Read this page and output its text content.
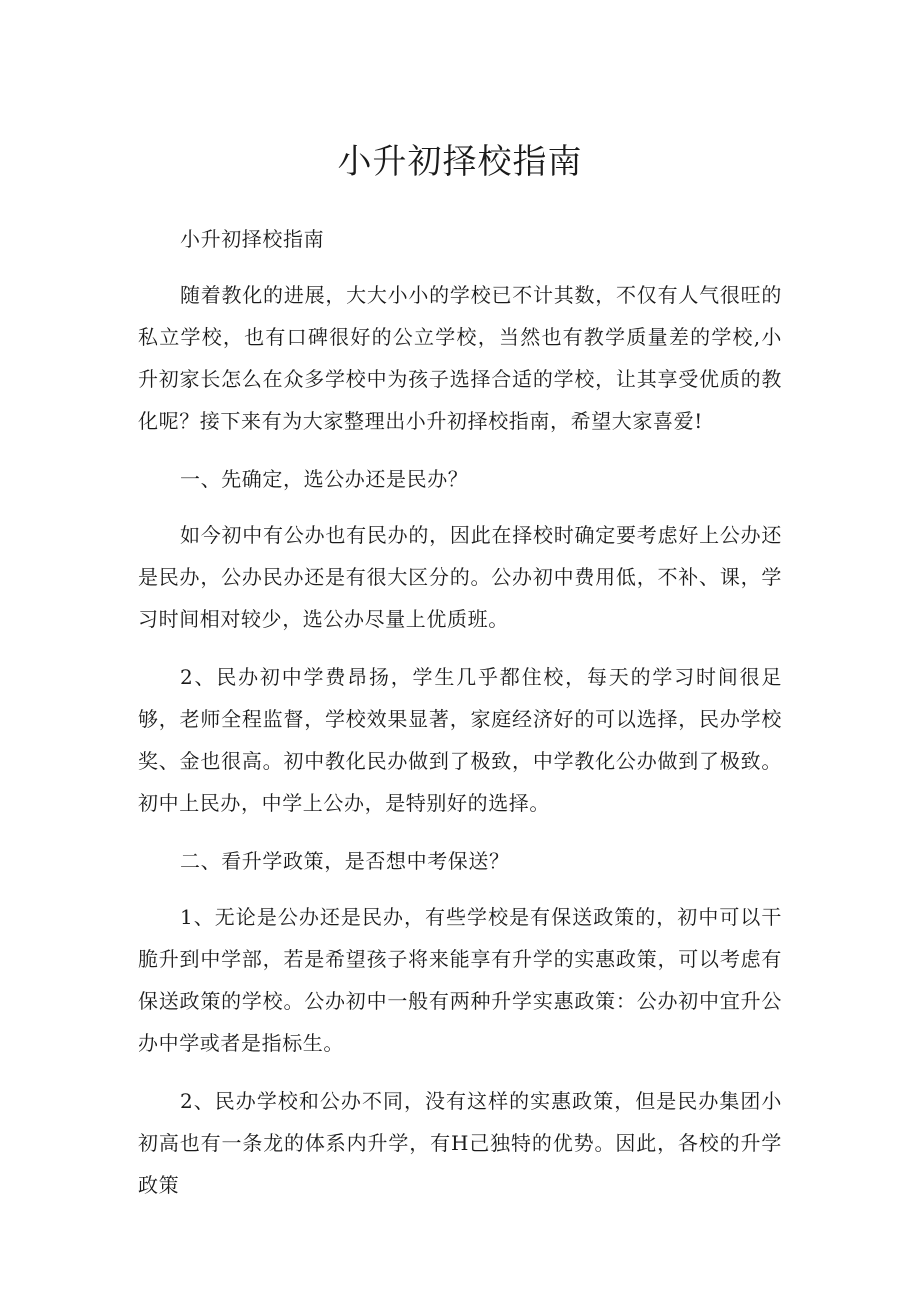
小升初择校指南

小升初择校指南

随着教化的进展，大大小小的学校已不计其数，不仅有人气很旺的私立学校，也有口碑很好的公立学校，当然也有教学质量差的学校,小升初家长怎么在众多学校中为孩子选择合适的学校，让其享受优质的教化呢？接下来有为大家整理出小升初择校指南，希望大家喜爱!

一、先确定，选公办还是民办？

如今初中有公办也有民办的，因此在择校时确定要考虑好上公办还是民办，公办民办还是有很大区分的。公办初中费用低，不补、课，学习时间相对较少，选公办尽量上优质班。

2、民办初中学费昂扬，学生几乎都住校，每天的学习时间很足够，老师全程监督，学校效果显著，家庭经济好的可以选择，民办学校奖、金也很高。初中教化民办做到了极致，中学教化公办做到了极致。初中上民办，中学上公办，是特别好的选择。

二、看升学政策，是否想中考保送？

1、无论是公办还是民办，有些学校是有保送政策的，初中可以干脆升到中学部，若是希望孩子将来能享有升学的实惠政策，可以考虑有保送政策的学校。公办初中一般有两种升学实惠政策：公办初中宜升公办中学或者是指标生。

2、民办学校和公办不同，没有这样的实惠政策，但是民办集团小初高也有一条龙的体系内升学，有H己独特的优势。因此，各校的升学政策
